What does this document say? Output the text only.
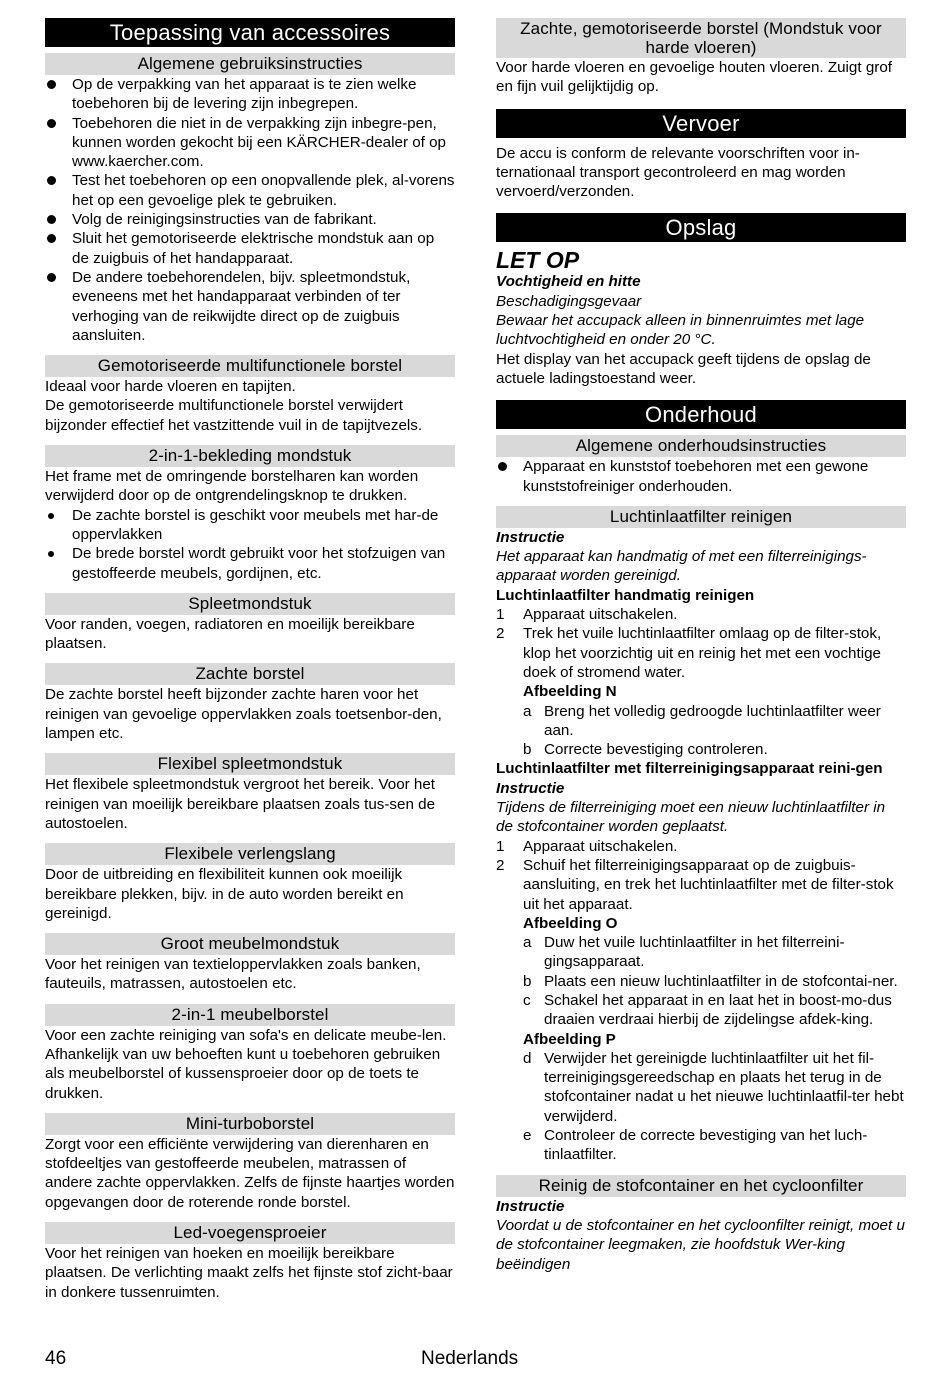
Toepassing van accessoires
Algemene gebruiksinstructies
Op de verpakking van het apparaat is te zien welke toebehoren bij de levering zijn inbegrepen.
Toebehoren die niet in de verpakking zijn inbegre-pen, kunnen worden gekocht bij een KÄRCHER-dealer of op www.kaercher.com.
Test het toebehoren op een onopvallende plek, al-vorens het op een gevoelige plek te gebruiken.
Volg de reinigingsinstructies van de fabrikant.
Sluit het gemotoriseerde elektrische mondstuk aan op de zuigbuis of het handapparaat.
De andere toebehorendelen, bijv. spleetmondstuk, eveneens met het handapparaat verbinden of ter verhoging van de reikwijdte direct op de zuigbuis aansluiten.
Gemotoriseerde multifunctionele borstel

Ideaal voor harde vloeren en tapijten.

De gemotoriseerde multifunctionele borstel verwijdert bijzonder effectief het vastzittende vuil in de tapijtvezels.

2-in-1-bekleding mondstuk

Het frame met de omringende borstelharen kan worden verwijderd door op de ontgrendelingsknop te drukken.

De zachte borstel is geschikt voor meubels met har-de oppervlakken
De brede borstel wordt gebruikt voor het stofzuigen van gestoffeerde meubels, gordijnen, etc.
Spleetmondstuk

Voor randen, voegen, radiatoren en moeilijk bereikbare plaatsen.

Zachte borstel

De zachte borstel heeft bijzonder zachte haren voor het reinigen van gevoelige oppervlakken zoals toetsenbor-den, lampen etc.

Flexibel spleetmondstuk

Het flexibele spleetmondstuk vergroot het bereik. Voor het reinigen van moeilijk bereikbare plaatsen zoals tus-sen de autostoelen.

Flexibele verlengslang

Door de uitbreiding en flexibiliteit kunnen ook moeilijk bereikbare plekken, bijv. in de auto worden bereikt en gereinigd.

Groot meubelmondstuk

Voor het reinigen van textieloppervlakken zoals banken, fauteuils, matrassen, autostoelen etc.

2-in-1 meubelborstel

Voor een zachte reiniging van sofa's en delicate meube-len. Afhankelijk van uw behoeften kunt u toebehoren gebruiken als meubelborstel of kussensproeier door op de toets te drukken.

Mini-turboborstel

Zorgt voor een efficiënte verwijdering van dierenharen en stofdeeltjes van gestoffeerde meubelen, matrassen of andere zachte oppervlakken. Zelfs de fijnste haartjes worden opgevangen door de roterende ronde borstel.

Led-voegensproeier

Voor het reinigen van hoeken en moeilijk bereikbare plaatsen. De verlichting maakt zelfs het fijnste stof zicht-baar in donkere tussenruimten.

Zachte, gemotoriseerde borstel (Mondstuk voor harde vloeren)

Voor harde vloeren en gevoelige houten vloeren. Zuigt grof en fijn vuil gelijktijdig op.

Vervoer

De accu is conform de relevante voorschriften voor in-ternationaal transport gecontroleerd en mag worden vervoerd/verzonden.

Opslag
LET OP

Vochtigheid en hitte

Beschadigingsgevaar

Bewaar het accupack alleen in binnenruimtes met lage luchtvochtigheid en onder 20 °C.

Het display van het accupack geeft tijdens de opslag de actuele ladingstoestand weer.

Onderhoud
Algemene onderhoudsinstructies
Apparaat en kunststof toebehoren met een gewone kunststofreiniger onderhouden.
Luchtinlaatfilter reinigen

Instructie

Het apparaat kan handmatig of met een filterreinigings-apparaat worden gereinigd.

Luchtinlaatfilter handmatig reinigen

1 Apparaat uitschakelen.
2 Trek het vuile luchtinlaatfilter omlaag op de filter-stok, klop het voorzichtig uit en reinig het met een vochtige doek of stromend water.
Afbeelding N
a Breng het volledig gedroogde luchtinlaatfilter weer aan.
b Correcte bevestiging controleren.

Luchtinlaatfilter met filterreinigingsapparaat reini-gen

Instructie

Tijdens de filterreiniging moet een nieuw luchtinlaatfilter in de stofcontainer worden geplaatst.

1 Apparaat uitschakelen.
2 Schuif het filterreinigingsapparaat op de zuigbuis-aansluiting, en trek het luchtinlaatfilter met de filter-stok uit het apparaat.
Afbeelding O
a Duw het vuile luchtinlaatfilter in het filterreini-gingsapparaat.
b Plaats een nieuw luchtinlaatfilter in de stofcontai-ner.
c Schakel het apparaat in en laat het in boost-mo-dus draaien verdraai hierbij de zijdelingse afdek-king.
Afbeelding P
d Verwijder het gereinigde luchtinlaatfilter uit het fil-terreinigingsgereedschap en plaats het terug in de stofcontainer nadat u het nieuwe luchtinlaatfil-ter hebt verwijderd.
e Controleer de correcte bevestiging van het luch-tinlaatfilter.
Reinig de stofcontainer en het cycloonfilter

Instructie

Voordat u de stofcontainer en het cycloonfilter reinigt, moet u de stofcontainer leegmaken, zie hoofdstuk Wer-king beëindigen

46	Nederlands
